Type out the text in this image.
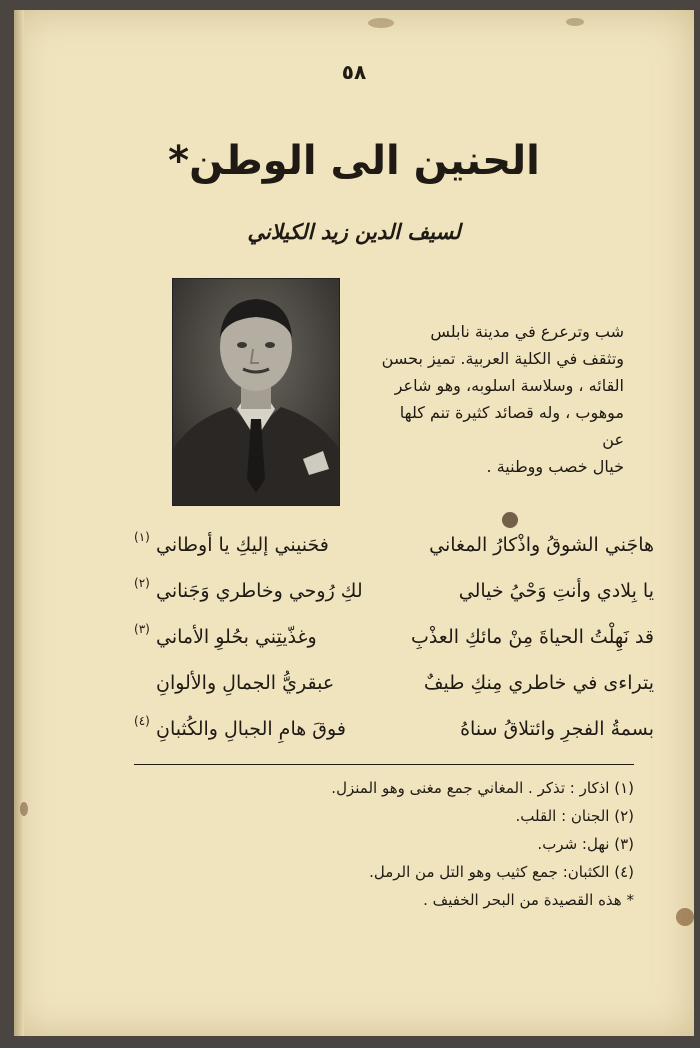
٥٨
الحنين الى الوطن*
لسيف الدين زيد الكيلاني
شب وترعرع في مدينة نابلس
وتثقف في الكلية العربية. تميز بحسن
القائه ، وسلاسة اسلوبه، وهو شاعر
موهوب ، وله قصائد كثيرة تنم كلها عن
خيال خصب ووطنية .
هاجَني الشوقُ واذْكارُ المغاني
فحَنيني إليكِ يا أوطاني
(١)
يا بِلادي وأنتِ وَحْيُ خيالي
لكِ رُوحي وخاطري وَجَناني
(٢)
قد نَهِلْتُ الحياةَ مِنْ مائكِ العذْبِ
وغذّيتِني بحُلوِ الأماني
(٣)
يتراءى في خاطري مِنكِ طيفٌ
عبقريُّ الجمالِ والألوانِ
بسمةُ الفجرِ وائتلاقُ سناهُ
فوقَ هامِ الجبالِ والكُثبانِ
(٤)
(١) اذكار : تذكر . المغاني جمع مغنى وهو المنزل.
(٢) الجنان : القلب.
(٣) نهل: شرب.
(٤) الكثبان: جمع كثيب وهو التل من الرمل.
* هذه القصيدة من البحر الخفيف .
